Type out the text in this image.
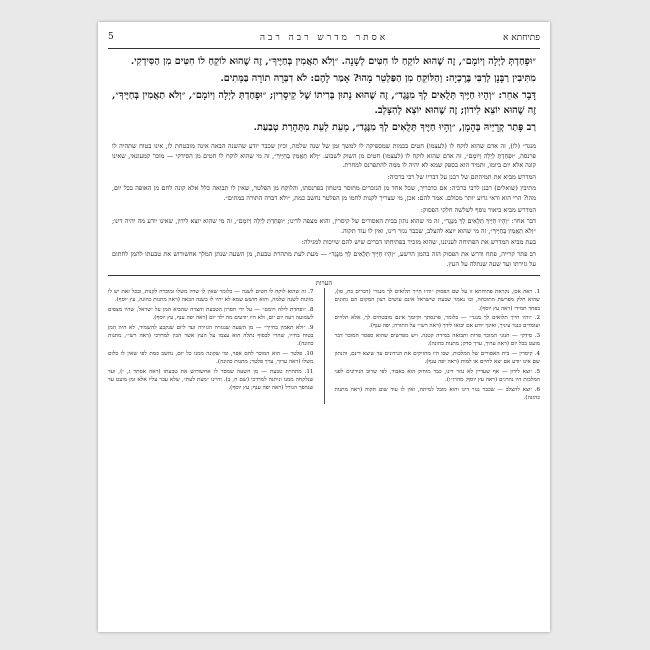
פתיחתא א
אסתר מדרש רבה רבה
5

״וּפָחַדְתְּ לַיְלָה וְיוֹמָם״, זֶה שֶׁהוּא לוֹקֵחַ לוֹ חִטִּים לְשָׁנָה. ״וְלֹא תַאֲמִין בְּחַיֶּיךָ״, זֶה שֶׁהוּא לוֹקֵחַ לוֹ חִטִּים מִן הַסִּידְקִי.

מִתִּיבִין רַבָּנָן לְרַבִּי בֶּרֶכְיָה: וְהַלּוֹקֵחַ מִן הַפַּלְטֵר מָהוּ? אָמַר לָהֶם: לֹא דִבְּרָה תוֹרָה בַּמֵּתִים.

דָּבָר אַחֵר: ״וְהָיוּ חַיֶּיךָ תְּלֻאִים לְךָ מִנֶּגֶד״, זֶה שֶׁהוּא נָתוּן בְּרִיתוֹ שֶׁל קֵיסָרִין; ״וּפָחַדְתְּ לַיְלָה וְיוֹמָם״, ״וְלֹא תַאֲמִין בְּחַיֶּיךָ״, זֶה שֶׁהוּא יוֹצֵא לִידוֹן; זֶה שֶׁהוּא יוֹצֵא לְהִצָּלֵב.

רַב פָּתַר קְרָיֵיהּ בְּהָמָן, ״וְהָיוּ חַיֶּיךָ תְּלֻאִים לְךָ מִנֶּגֶד״, מֵעֵת לְעֵת מִתְּהָרַת טְבַעַת.

מנגד״ (לו), זה אדם שהוא לוקח לו (לעצמו) חטים בכמות שמספיקה לו למשך זמן של שנה שלמה, וכיון שכבר יודע שהשנה הבאה אינה מובטחת לו, אינו בטוח שתהיה לו פרנסה, ״וּפָחַדְתְּ לַיְלָה וְיוֹמָם״, זה אדם שהוא לוקח לו (לעצמו) חטים מן השוק לשבוע. ״וְלֹא תַאֲמִין בְּחַיֶּיךָ״, זה מי שהוא לוקח לו חטים מן הסידקי — מוכר קמעונאי, שאינו קונה אלא יום ביומו, ותמיד הוא בספק שמא לא יהיה לו ממה להתפרנס למחרת.

המדרש מביא את תמיהתם של רבנן על דבריו של רבי ברכיה:

מתיבין (שואלים) רבנן לרבי ברכיה: אם כדבריך, שכל אחד מן הנזכרים מחוסר ביטחון בפרנסתו, והלוקח מן הפלטר, שאין לו תבואה כלל אלא קונה לחם מן האופה בכל יום, מהו? הרי הוא ודאי גרוע יותר מכולם. אמר להם: אכן, מי שצריך לקנות לחמו מן הפלטר נחשב כמת, ״ולא דברה התורה במתים״.

המדרש מביא ביאור נוסף לשלשה חלקי הפסוק:

דבר אחר: ״וְהָיוּ חַיֶּיךָ תְּלֻאִים לְךָ מִנֶּגֶד״, זה מי שהוא נתון בבית האסורים של קיסרין, והוא מצפה לדינו; ״וּפָחַדְתְּ לַיְלָה וְיוֹמָם״, זה מי שהוא יוצא לידון, שאינו יודע מה יהיה דינו; ״וְלֹא תַאֲמִין בְּחַיֶּיךָ״, זה מי שהוא יוצא להצלב, שכבר נגזר דינו, ואין לו עוד תקוה.

בעת מביא המדרש את הפתיחה לעניננו, שהוא מזכיר בפתיחתו דברים שיש להם שייכות למגילה:

רב פתר קרייה, פתח ודרש את הפסוק הזה בהמן הרשע, ״וְהָיוּ חַיֶּיךָ תְּלֻאִים לְךָ מִנֶּגֶד״ — מעת לעת מתהרת טבעת, מן השעה שנתן המלך אחשורוש את טבעתו להמן לחתום על גזירתו ועד שעה שנתלה על העץ.

$^{הערות}$

1. ראה אכן, נקראת פתיחתא זו על שם הפסוק ״והיו חייך תלואים לך מנגד״ (דברים כח, סו), שהוא חלק מפרשת התוכחה, ובו נאמר שבעת שישראל אינם עושים רצון המקום הם נתונים בפחד תמידי (ראה עץ יוסף).

2. ״והיו חייך תלואים לך מנגד״ — כלומר, פרנסתך וקיומך אינם מובטחים לך, אלא תלויים ועומדים כנגד עיניך, ואינך יודע אם יבואו לידך (ראה רש״י על התורה; יפה ענף).

3. סידקי — חנוני המוכר פרות ותבואה במידה קטנה. ויש מפרשים שהוא ספסר המוכר דבר מועט בכל יום (ראה ערוך, ערך סדק; מתנות כהונה).

4. קיסרין — בית האסורים של המלכות, שבו היו מחזיקים את הנידונים עד שיצא דינם, והנתון שם אינו יודע אם יצא לחיים או למות (ראה יפה ענף).

5. יוצא לידון — אף שעדיין לא נגזר דינו, כבר מוחזק הוא כאבוד, לפי שרוב הנידונים לפני המלכות היו נהרגים (ראה עץ יוסף; מהרז״ו).

6. יוצא להצלב — שכבר נגזר דינו והוא מובל למיתה, ואין לו עוד שום תקוה (ראה מתנות כהונה).

7. זה שהוא לוקח לו חטים לשנה — כלומר שאין לו שדה משלו ומוכרח לקנות, ובכל זאת יש לו מזונות לשנה שלמה, והוא חושש שמא לא יהיו לו בשנה הבאה (ראה מתנות כהונה, עץ יוסף).

8. ״ופחדת לילה ויומם״ — על ידי חסרון הטבעת והצרה שהביא המן על ישראל, שהיו מצפים לשמועה רעה יום יום, ולא היו יודעים מה ילד יום (ראה יפה ענף, עץ יוסף).

9. ״ולא תאמין בחייך״ — מן השעה שנגזרה הגזירה ועד ליום שנקבע להשמיד, לא היה המן בטוח בחייו, שהרי לבסוף נתלה הוא עצמו על העץ אשר הכין למרדכי (ראה רש״י, מתנות כהונה).

10. פלטר — הוא המוכר לחם אפוי, ומי שקונה ממנו כל יום, נחשב כמת לפי שאין לו כלום משלו (ראה ערוך, ערך פלטר; מתנות כהונה).

11. מתהרת טבעת — מן השעה שמסר לו אחשורוש את טבעתו (ראה אסתר ג, י), ועד שנלקחה ממנו וניתנה למרדכי (שם ח, ב). והיינו ״מעת לעת״, שלא עבר עליו אלא זמן מועט עד שנהפך הגורל (ראה יפה ענף; עץ יוסף).
